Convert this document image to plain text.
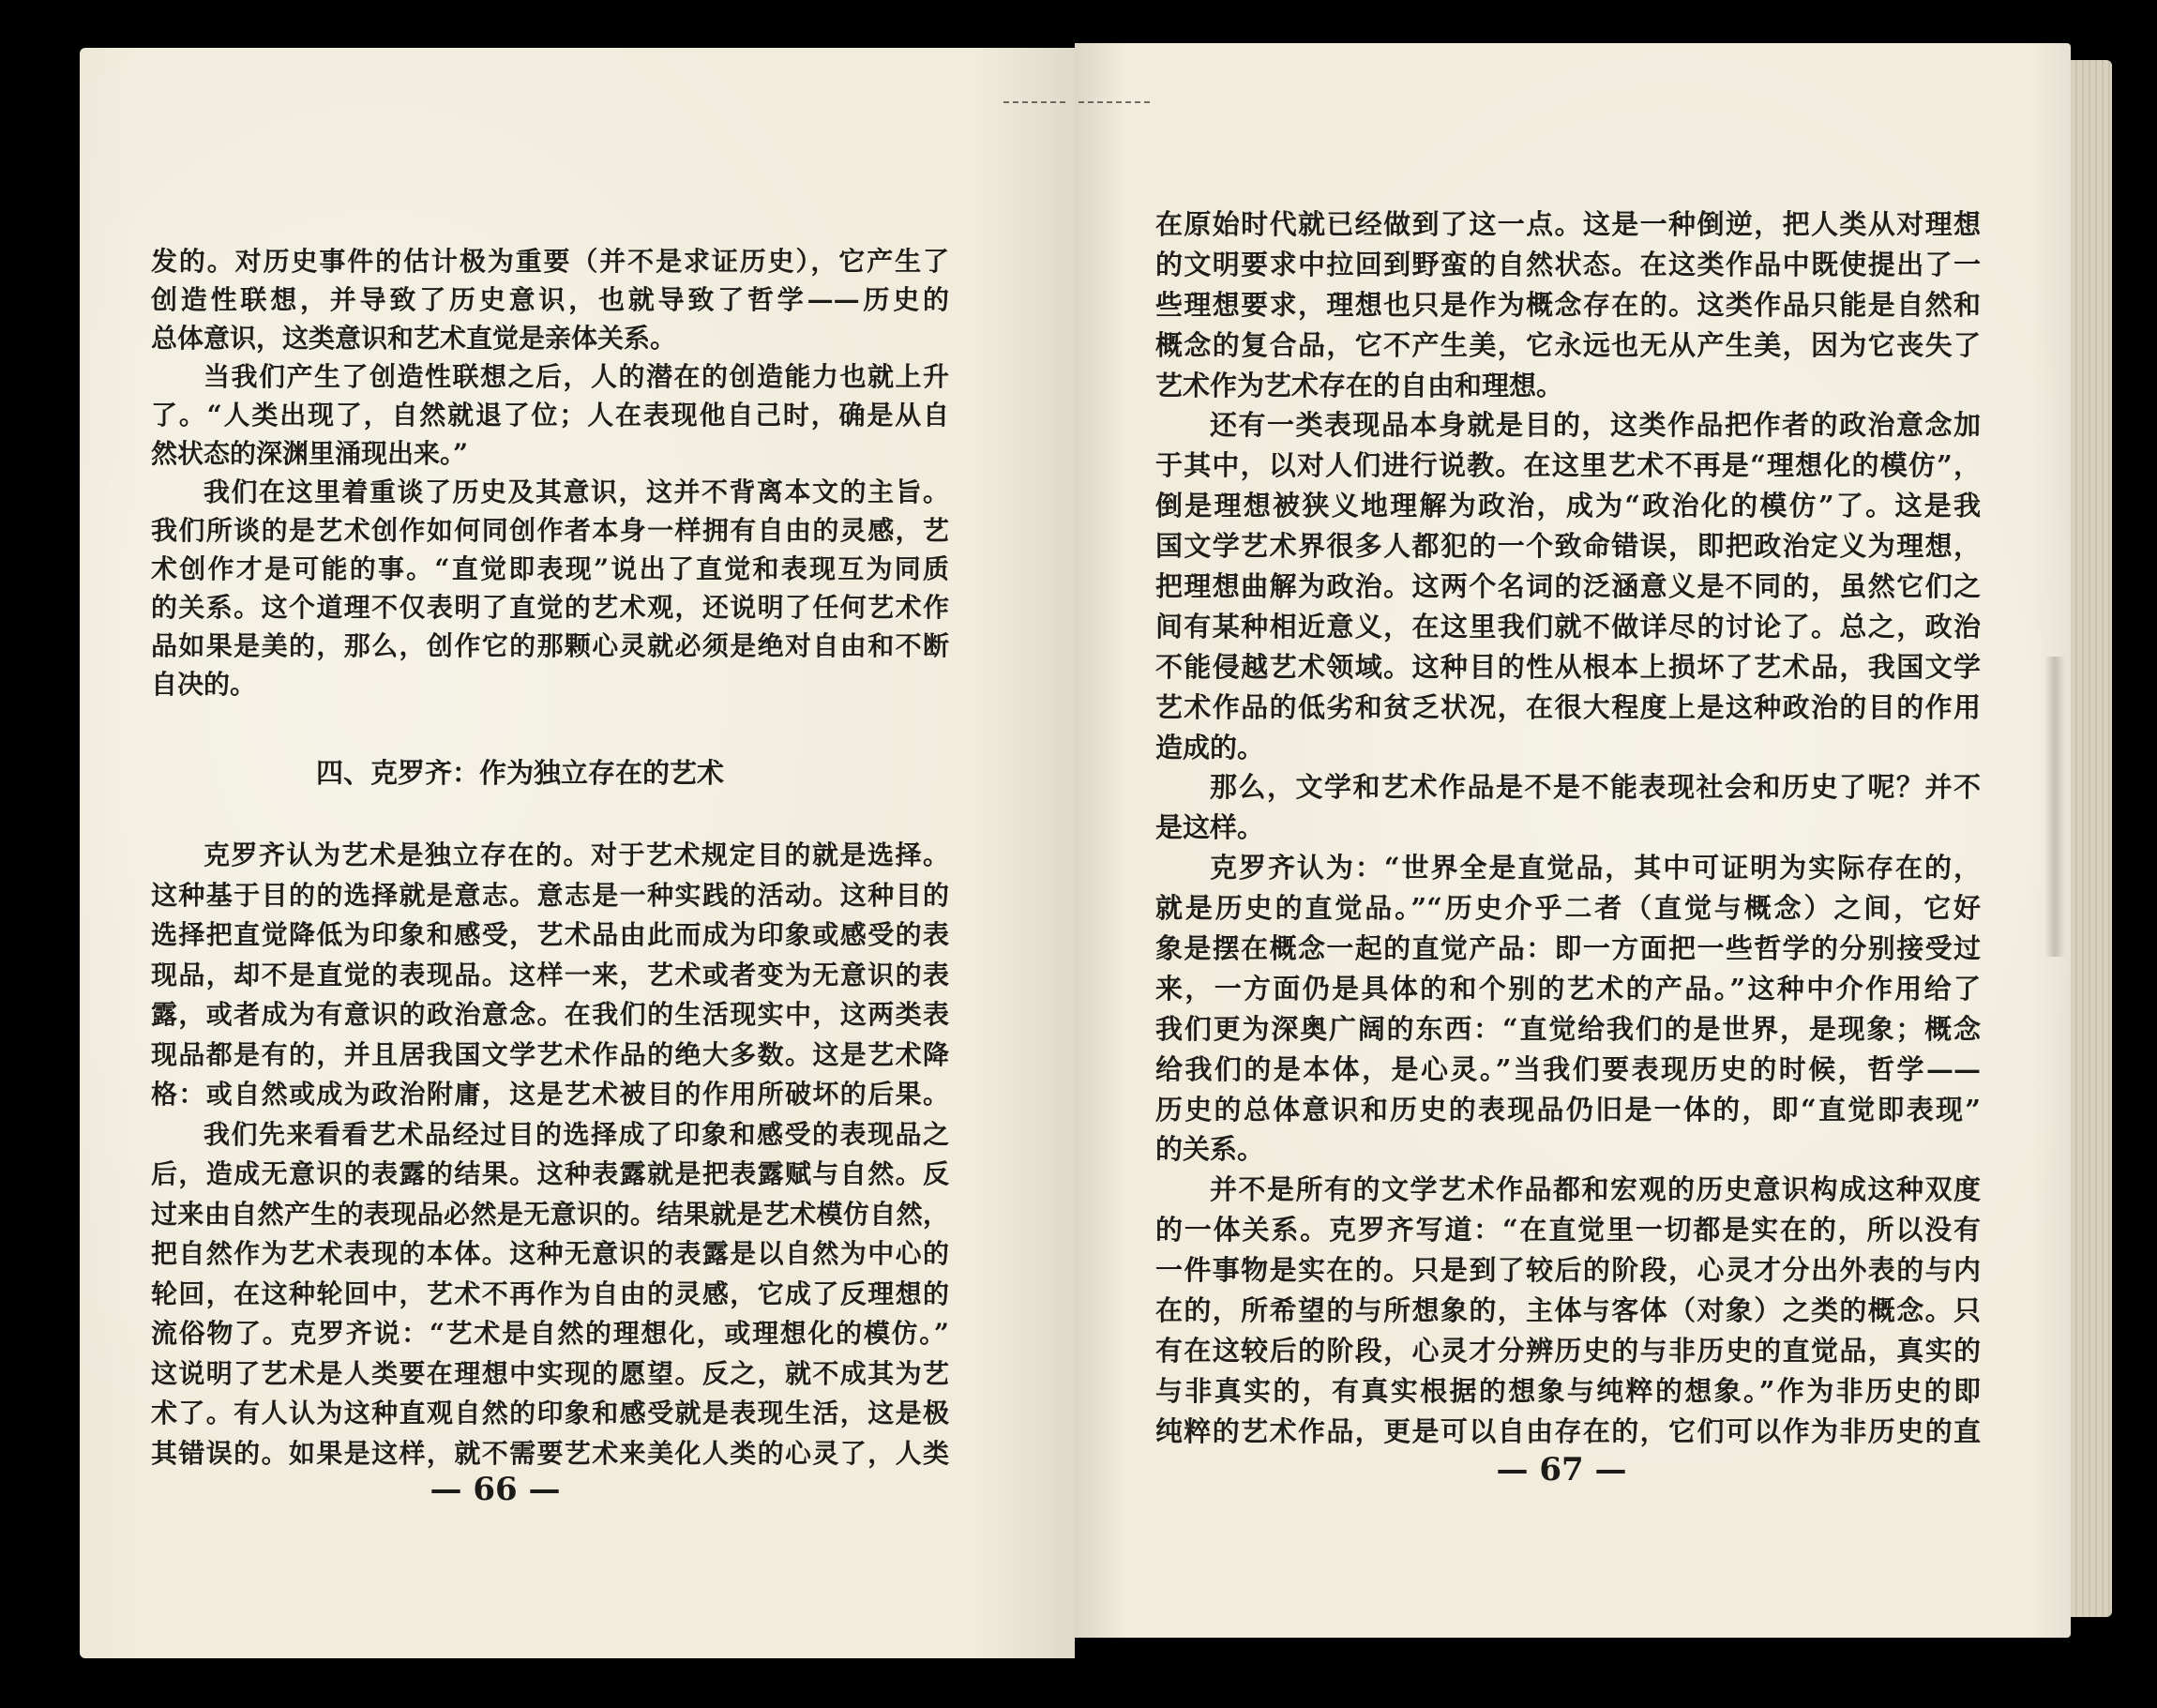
发的。对历史事件的估计极为重要（并不是求证历史），它产生了
创造性联想，并导致了历史意识，也就导致了哲学——历史的
总体意识，这类意识和艺术直觉是亲体关系。
当我们产生了创造性联想之后，人的潜在的创造能力也就上升
了。“人类出现了，自然就退了位；人在表现他自己时，确是从自
然状态的深渊里涌现出来。”
我们在这里着重谈了历史及其意识，这并不背离本文的主旨。
我们所谈的是艺术创作如何同创作者本身一样拥有自由的灵感，艺
术创作才是可能的事。“直觉即表现”说出了直觉和表现互为同质
的关系。这个道理不仅表明了直觉的艺术观，还说明了任何艺术作
品如果是美的，那么，创作它的那颗心灵就必须是绝对自由和不断
自决的。
四、克罗齐：作为独立存在的艺术
克罗齐认为艺术是独立存在的。对于艺术规定目的就是选择。
这种基于目的的选择就是意志。意志是一种实践的活动。这种目的
选择把直觉降低为印象和感受，艺术品由此而成为印象或感受的表
现品，却不是直觉的表现品。这样一来，艺术或者变为无意识的表
露，或者成为有意识的政治意念。在我们的生活现实中，这两类表
现品都是有的，并且居我国文学艺术作品的绝大多数。这是艺术降
格：或自然或成为政治附庸，这是艺术被目的作用所破坏的后果。
我们先来看看艺术品经过目的选择成了印象和感受的表现品之
后，造成无意识的表露的结果。这种表露就是把表露赋与自然。反
过来由自然产生的表现品必然是无意识的。结果就是艺术模仿自然，
把自然作为艺术表现的本体。这种无意识的表露是以自然为中心的
轮回，在这种轮回中，艺术不再作为自由的灵感，它成了反理想的
流俗物了。克罗齐说：“艺术是自然的理想化，或理想化的模仿。”
这说明了艺术是人类要在理想中实现的愿望。反之，就不成其为艺
术了。有人认为这种直观自然的印象和感受就是表现生活，这是极
其错误的。如果是这样，就不需要艺术来美化人类的心灵了，人类
— 66 —
在原始时代就已经做到了这一点。这是一种倒逆，把人类从对理想
的文明要求中拉回到野蛮的自然状态。在这类作品中既使提出了一
些理想要求，理想也只是作为概念存在的。这类作品只能是自然和
概念的复合品，它不产生美，它永远也无从产生美，因为它丧失了
艺术作为艺术存在的自由和理想。
还有一类表现品本身就是目的，这类作品把作者的政治意念加
于其中，以对人们进行说教。在这里艺术不再是“理想化的模仿”，
倒是理想被狭义地理解为政治，成为“政治化的模仿”了。这是我
国文学艺术界很多人都犯的一个致命错误，即把政治定义为理想，
把理想曲解为政治。这两个名词的泛涵意义是不同的，虽然它们之
间有某种相近意义，在这里我们就不做详尽的讨论了。总之，政治
不能侵越艺术领域。这种目的性从根本上损坏了艺术品，我国文学
艺术作品的低劣和贫乏状况，在很大程度上是这种政治的目的作用
造成的。
那么，文学和艺术作品是不是不能表现社会和历史了呢？并不
是这样。
克罗齐认为：“世界全是直觉品，其中可证明为实际存在的，
就是历史的直觉品。”“历史介乎二者（直觉与概念）之间，它好
象是摆在概念一起的直觉产品：即一方面把一些哲学的分别接受过
来，一方面仍是具体的和个别的艺术的产品。”这种中介作用给了
我们更为深奥广阔的东西：“直觉给我们的是世界，是现象；概念
给我们的是本体，是心灵。”当我们要表现历史的时候，哲学——
历史的总体意识和历史的表现品仍旧是一体的，即“直觉即表现”
的关系。
并不是所有的文学艺术作品都和宏观的历史意识构成这种双度
的一体关系。克罗齐写道：“在直觉里一切都是实在的，所以没有
一件事物是实在的。只是到了较后的阶段，心灵才分出外表的与内
在的，所希望的与所想象的，主体与客体（对象）之类的概念。只
有在这较后的阶段，心灵才分辨历史的与非历史的直觉品，真实的
与非真实的，有真实根据的想象与纯粹的想象。”作为非历史的即
纯粹的艺术作品，更是可以自由存在的，它们可以作为非历史的直
— 67 —
